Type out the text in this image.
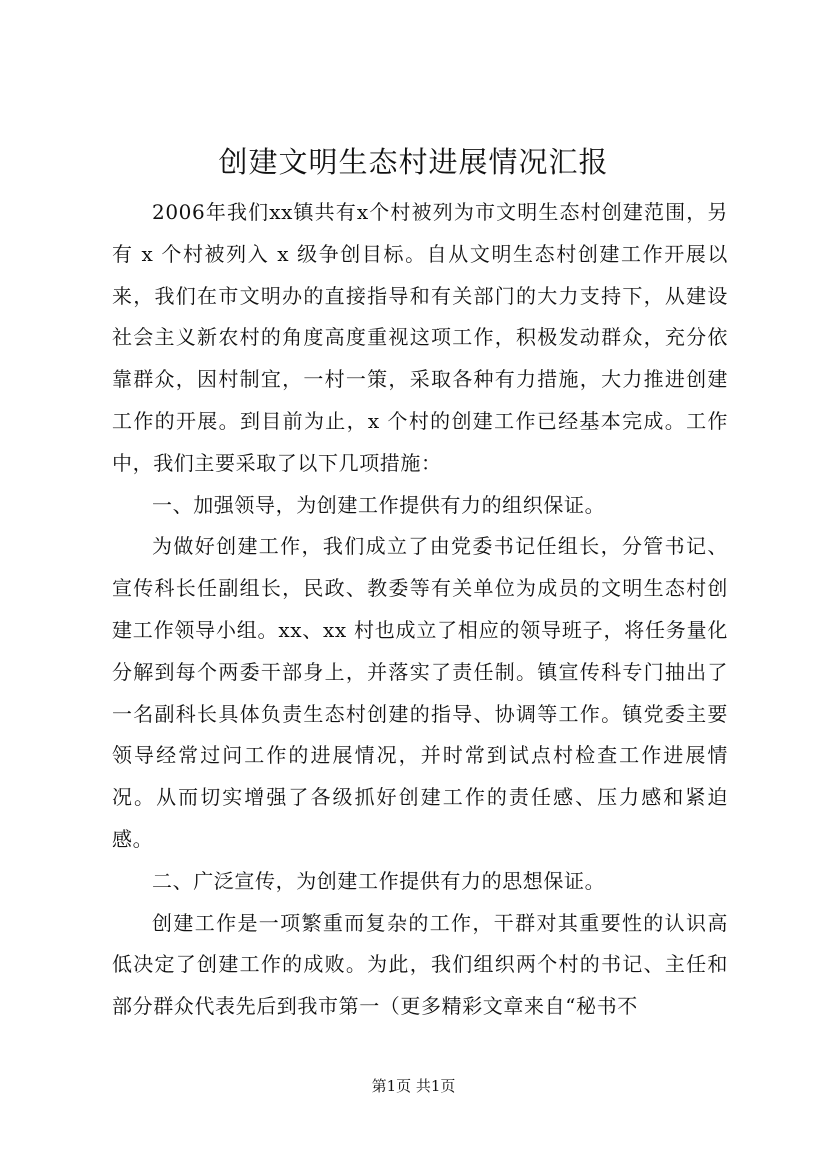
创建文明生态村进展情况汇报

2006年我们xx镇共有x个村被列为市文明生态村创建范围，另有 x 个村被列入 x 级争创目标。自从文明生态村创建工作开展以来，我们在市文明办的直接指导和有关部门的大力支持下，从建设社会主义新农村的角度高度重视这项工作，积极发动群众，充分依靠群众，因村制宜，一村一策，采取各种有力措施，大力推进创建工作的开展。到目前为止，x 个村的创建工作已经基本完成。工作中，我们主要采取了以下几项措施：

一、加强领导，为创建工作提供有力的组织保证。

为做好创建工作，我们成立了由党委书记任组长，分管书记、宣传科长任副组长，民政、教委等有关单位为成员的文明生态村创建工作领导小组。xx、xx 村也成立了相应的领导班子，将任务量化分解到每个两委干部身上，并落实了责任制。镇宣传科专门抽出了一名副科长具体负责生态村创建的指导、协调等工作。镇党委主要领导经常过问工作的进展情况，并时常到试点村检查工作进展情况。从而切实增强了各级抓好创建工作的责任感、压力感和紧迫感。

二、广泛宣传，为创建工作提供有力的思想保证。

创建工作是一项繁重而复杂的工作，干群对其重要性的认识高低决定了创建工作的成败。为此，我们组织两个村的书记、主任和部分群众代表先后到我市第一（更多精彩文章来自“秘书不

第1页 共1页
